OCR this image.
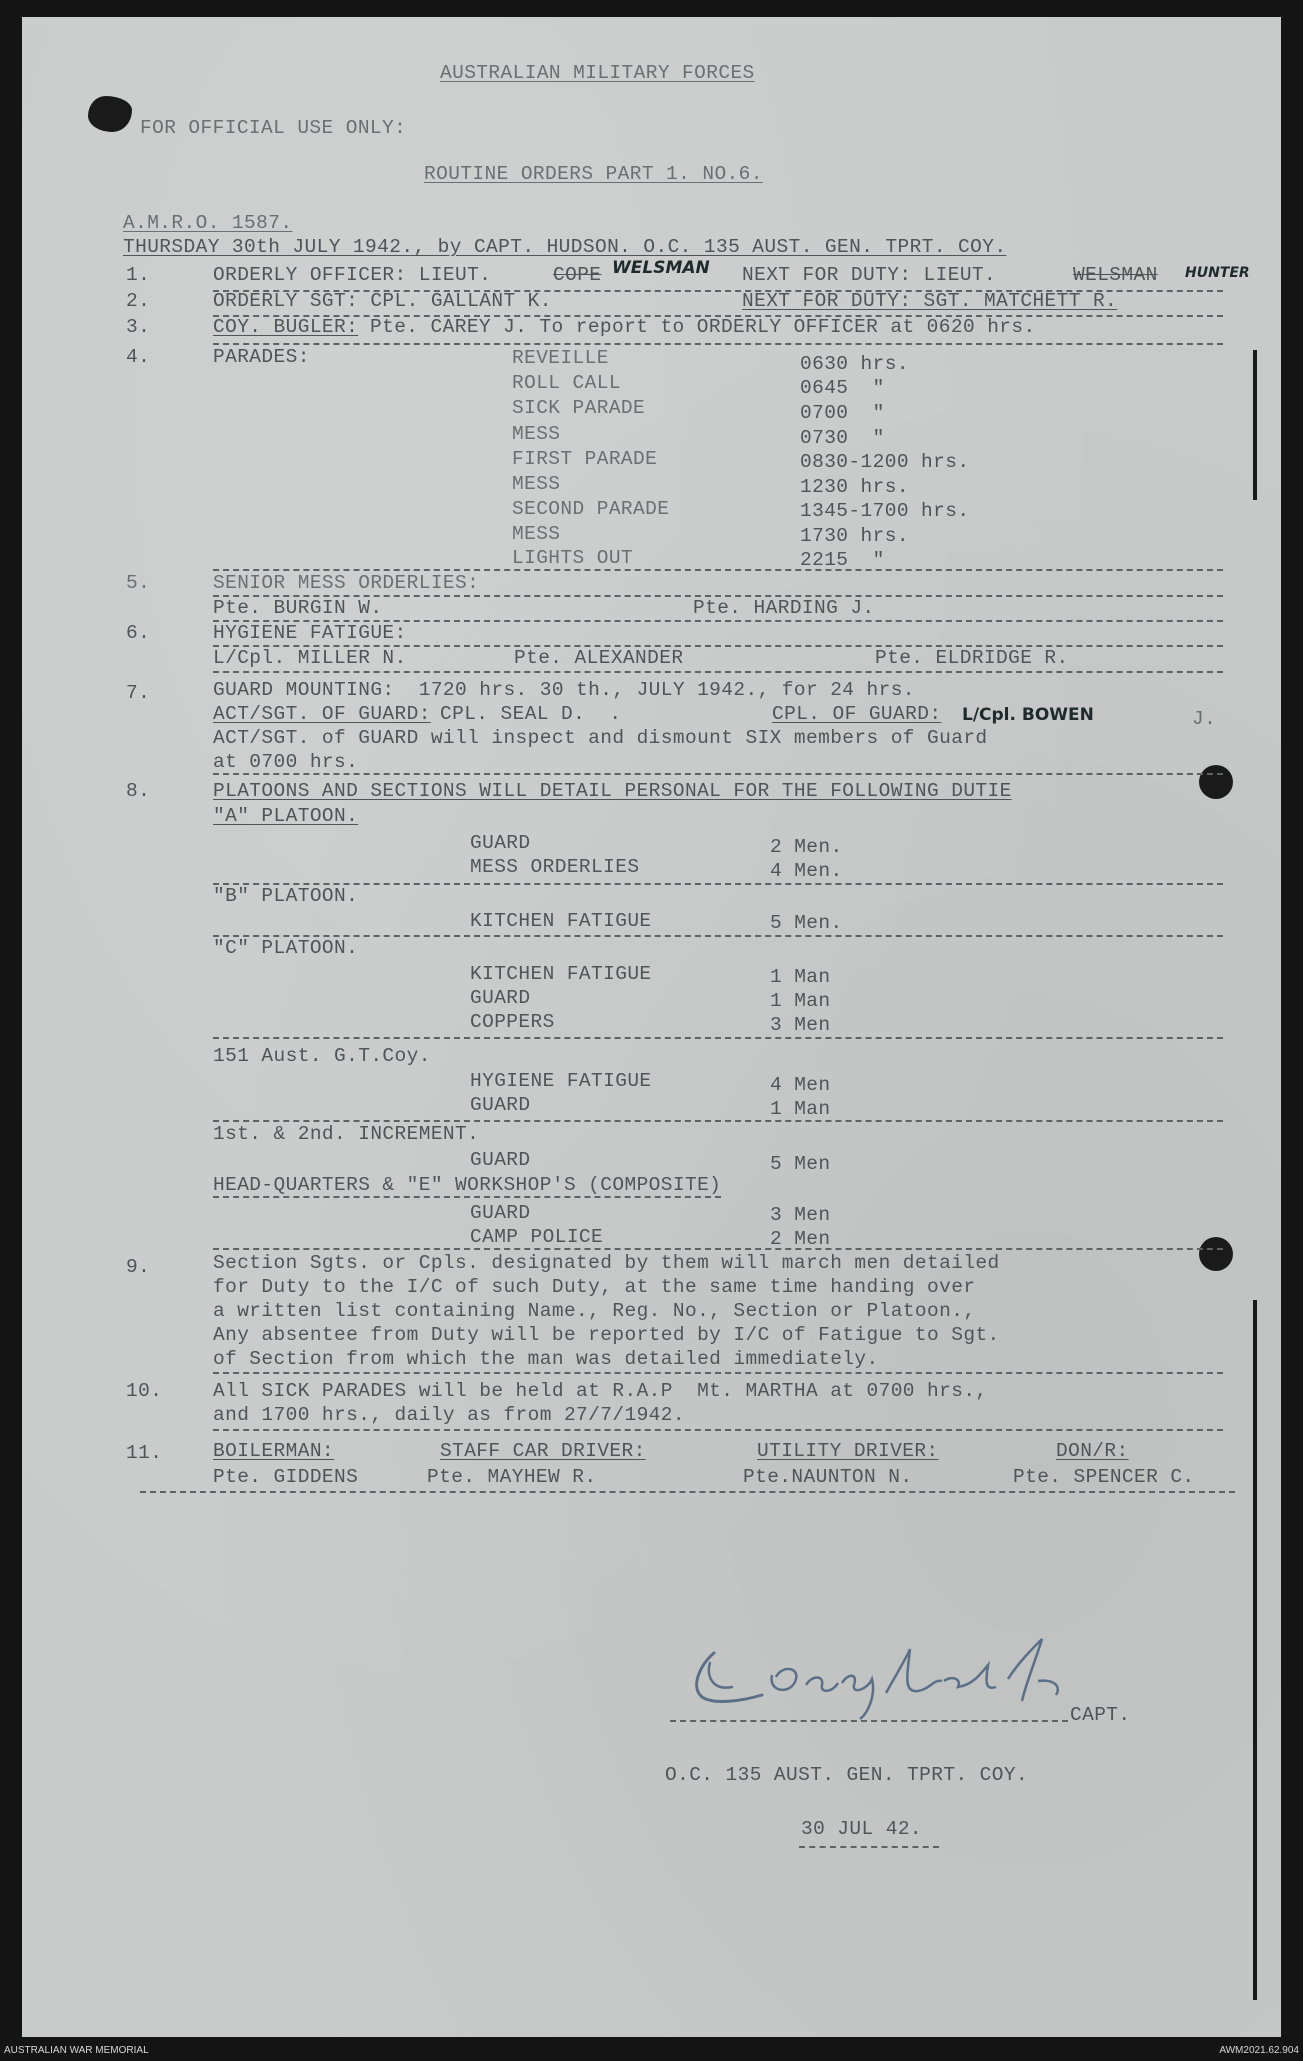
AUSTRALIAN MILITARY FORCES
FOR OFFICIAL USE ONLY:
ROUTINE ORDERS PART 1. NO.6.
A.M.R.O. 1587.
THURSDAY 30th JULY 1942., by CAPT. HUDSON. O.C. 135 AUST. GEN. TPRT. COY.
1.	ORDERLY OFFICER: LIEUT.	COPE WELSMAN NEXT FOR DUTY: LIEUT.	WELSMAN HUNTER
2.	ORDERLY SGT: CPL. GALLANT K.	NEXT FOR DUTY: SGT. MATCHETT R.
3.	COY. BUGLER: Pte. CAREY J. To report to ORDERLY OFFICER at 0620 hrs.
4.	PARADES:	REVEILLE	0630 hrs.
ROLL CALL	0645  "
SICK PARADE	0700  "
MESS	0730  "
FIRST PARADE	0830-1200 hrs.
MESS	1230 hrs.
SECOND PARADE	1345-1700 hrs.
MESS	1730 hrs.
LIGHTS OUT	2215  "
5.	SENIOR MESS ORDERLIES:
Pte. BURGIN W.	Pte. HARDING J.
6.	HYGIENE FATIGUE:
L/Cpl. MILLER N.	Pte. ALEXANDER	Pte. ELDRIDGE R.
7.	GUARD MOUNTING:  1720 hrs. 30 th., JULY 1942., for 24 hrs.
ACT/SGT. OF GUARD: CPL. SEAL D.  .	CPL. OF GUARD: L/Cpl. BOWEN	J.
ACT/SGT. of GUARD will inspect and dismount SIX members of Guard
at 0700 hrs.
8.	PLATOONS AND SECTIONS WILL DETAIL PERSONAL FOR THE FOLLOWING DUTIE
"A" PLATOON.
GUARD	2 Men.
MESS ORDERLIES	4 Men.
"B" PLATOON.
KITCHEN FATIGUE	5 Men.
"C" PLATOON.
KITCHEN FATIGUE	1 Man
GUARD	1 Man
COPPERS	3 Men
151 Aust. G.T.Coy.
HYGIENE FATIGUE	4 Men
GUARD	1 Man
1st. & 2nd. INCREMENT.
GUARD	5 Men
HEAD-QUARTERS & "E" WORKSHOP'S (COMPOSITE)
GUARD	3 Men
CAMP POLICE	2 Men
9.	Section Sgts. or Cpls. designated by them will march men detailed
for Duty to the I/C of such Duty, at the same time handing over
a written list containing Name., Reg. No., Section or Platoon.,
Any absentee from Duty will be reported by I/C of Fatigue to Sgt.
of Section from which the man was detailed immediately.
10.	All SICK PARADES will be held at R.A.P  Mt. MARTHA at 0700 hrs.,
and 1700 hrs., daily as from 27/7/1942.
11.	BOILERMAN:	STAFF CAR DRIVER:	UTILITY DRIVER:	DON/R:
Pte. GIDDENS	Pte. MAYHEW R.	Pte.NAUNTON N.	Pte. SPENCER C.
CAPT.
O.C. 135 AUST. GEN. TPRT. COY.
30 JUL 42.
AUSTRALIAN WAR MEMORIAL	AWM2021.62.904
